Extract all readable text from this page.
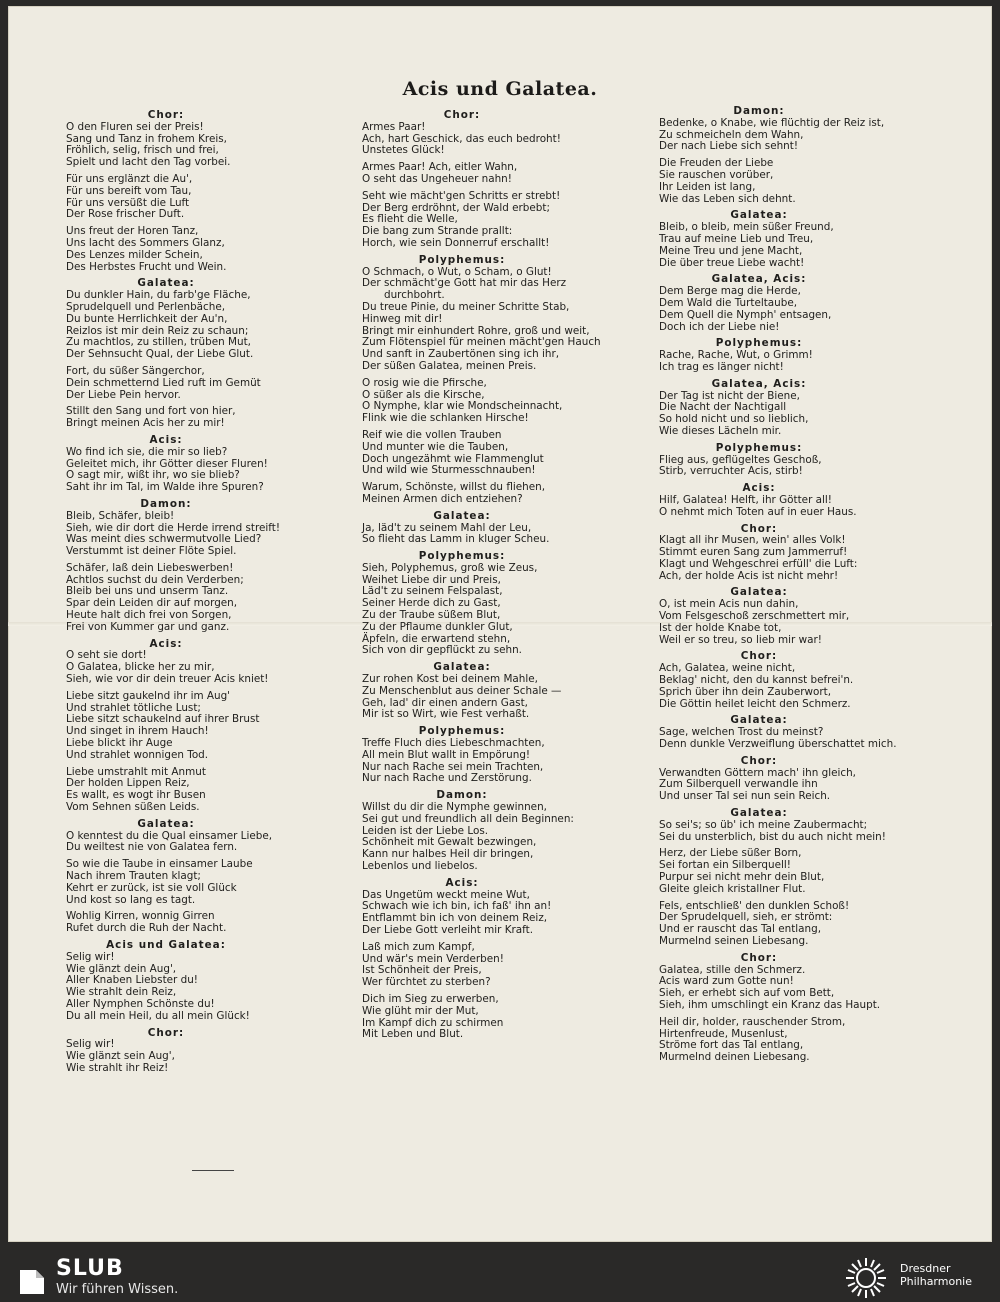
Acis und Galatea.
Chor:
O den Fluren sei der Preis!
Sang und Tanz in frohem Kreis,
Fröhlich, selig, frisch und frei,
Spielt und lacht den Tag vorbei.
Für uns erglänzt die Au',
Für uns bereift vom Tau,
Für uns versüßt die Luft
Der Rose frischer Duft.
Uns freut der Horen Tanz,
Uns lacht des Sommers Glanz,
Des Lenzes milder Schein,
Des Herbstes Frucht und Wein.
Galatea:
Du dunkler Hain, du farb'ge Fläche,
Sprudelquell und Perlenbäche,
Du bunte Herrlichkeit der Au'n,
Reizlos ist mir dein Reiz zu schaun;
Zu machtlos, zu stillen, trüben Mut,
Der Sehnsucht Qual, der Liebe Glut.
Fort, du süßer Sängerchor,
Dein schmetternd Lied ruft im Gemüt
Der Liebe Pein hervor.
Stillt den Sang und fort von hier,
Bringt meinen Acis her zu mir!
Acis:
Wo find ich sie, die mir so lieb?
Geleitet mich, ihr Götter dieser Fluren!
O sagt mir, wißt ihr, wo sie blieb?
Saht ihr im Tal, im Walde ihre Spuren?
Damon:
Bleib, Schäfer, bleib!
Sieh, wie dir dort die Herde irrend streift!
Was meint dies schwermutvolle Lied?
Verstummt ist deiner Flöte Spiel.
Schäfer, laß dein Liebeswerben!
Achtlos suchst du dein Verderben;
Bleib bei uns und unserm Tanz.
Spar dein Leiden dir auf morgen,
Heute halt dich frei von Sorgen,
Frei von Kummer gar und ganz.
Acis:
O seht sie dort!
O Galatea, blicke her zu mir,
Sieh, wie vor dir dein treuer Acis kniet!
Liebe sitzt gaukelnd ihr im Aug'
Und strahlet tötliche Lust;
Liebe sitzt schaukelnd auf ihrer Brust
Und singet in ihrem Hauch!
Liebe blickt ihr Auge
Und strahlet wonnigen Tod.
Liebe umstrahlt mit Anmut
Der holden Lippen Reiz,
Es wallt, es wogt ihr Busen
Vom Sehnen süßen Leids.
Galatea:
O kenntest du die Qual einsamer Liebe,
Du weiltest nie von Galatea fern.
So wie die Taube in einsamer Laube
Nach ihrem Trauten klagt;
Kehrt er zurück, ist sie voll Glück
Und kost so lang es tagt.
Wohlig Kirren, wonnig Girren
Rufet durch die Ruh der Nacht.
Acis und Galatea:
Selig wir!
Wie glänzt dein Aug',
Aller Knaben Liebster du!
Wie strahlt dein Reiz,
Aller Nymphen Schönste du!
Du all mein Heil, du all mein Glück!
Chor:
Selig wir!
Wie glänzt sein Aug',
Wie strahlt ihr Reiz!
Chor:
Armes Paar!
Ach, hart Geschick, das euch bedroht!
Unstetes Glück!
Armes Paar! Ach, eitler Wahn,
O seht das Ungeheuer nahn!
Seht wie mächt'gen Schritts er strebt!
Der Berg erdröhnt, der Wald erbebt;
Es flieht die Welle,
Die bang zum Strande prallt:
Horch, wie sein Donnerruf erschallt!
Polyphemus:
O Schmach, o Wut, o Scham, o Glut!
Der schmächt'ge Gott hat mir das Herz
durchbohrt.
Du treue Pinie, du meiner Schritte Stab,
Hinweg mit dir!
Bringt mir einhundert Rohre, groß und weit,
Zum Flötenspiel für meinen mächt'gen Hauch
Und sanft in Zaubertönen sing ich ihr,
Der süßen Galatea, meinen Preis.
O rosig wie die Pfirsche,
O süßer als die Kirsche,
O Nymphe, klar wie Mondscheinnacht,
Flink wie die schlanken Hirsche!
Reif wie die vollen Trauben
Und munter wie die Tauben,
Doch ungezähmt wie Flammenglut
Und wild wie Sturmesschnauben!
Warum, Schönste, willst du fliehen,
Meinen Armen dich entziehen?
Galatea:
Ja, läd't zu seinem Mahl der Leu,
So flieht das Lamm in kluger Scheu.
Polyphemus:
Sieh, Polyphemus, groß wie Zeus,
Weihet Liebe dir und Preis,
Läd't zu seinem Felspalast,
Seiner Herde dich zu Gast,
Zu der Traube süßem Blut,
Zu der Pflaume dunkler Glut,
Äpfeln, die erwartend stehn,
Sich von dir gepflückt zu sehn.
Galatea:
Zur rohen Kost bei deinem Mahle,
Zu Menschenblut aus deiner Schale —
Geh, lad' dir einen andern Gast,
Mir ist so Wirt, wie Fest verhaßt.
Polyphemus:
Treffe Fluch dies Liebeschmachten,
All mein Blut wallt in Empörung!
Nur nach Rache sei mein Trachten,
Nur nach Rache und Zerstörung.
Damon:
Willst du dir die Nymphe gewinnen,
Sei gut und freundlich all dein Beginnen:
Leiden ist der Liebe Los.
Schönheit mit Gewalt bezwingen,
Kann nur halbes Heil dir bringen,
Lebenlos und liebelos.
Acis:
Das Ungetüm weckt meine Wut,
Schwach wie ich bin, ich faß' ihn an!
Entflammt bin ich von deinem Reiz,
Der Liebe Gott verleiht mir Kraft.
Laß mich zum Kampf,
Und wär's mein Verderben!
Ist Schönheit der Preis,
Wer fürchtet zu sterben?
Dich im Sieg zu erwerben,
Wie glüht mir der Mut,
Im Kampf dich zu schirmen
Mit Leben und Blut.
Damon:
Bedenke, o Knabe, wie flüchtig der Reiz ist,
Zu schmeicheln dem Wahn,
Der nach Liebe sich sehnt!
Die Freuden der Liebe
Sie rauschen vorüber,
Ihr Leiden ist lang,
Wie das Leben sich dehnt.
Galatea:
Bleib, o bleib, mein süßer Freund,
Trau auf meine Lieb und Treu,
Meine Treu und jene Macht,
Die über treue Liebe wacht!
Galatea, Acis:
Dem Berge mag die Herde,
Dem Wald die Turteltaube,
Dem Quell die Nymph' entsagen,
Doch ich der Liebe nie!
Polyphemus:
Rache, Rache, Wut, o Grimm!
Ich trag es länger nicht!
Galatea, Acis:
Der Tag ist nicht der Biene,
Die Nacht der Nachtigall
So hold nicht und so lieblich,
Wie dieses Lächeln mir.
Polyphemus:
Flieg aus, geflügeltes Geschoß,
Stirb, verruchter Acis, stirb!
Acis:
Hilf, Galatea! Helft, ihr Götter all!
O nehmt mich Toten auf in euer Haus.
Chor:
Klagt all ihr Musen, wein' alles Volk!
Stimmt euren Sang zum Jammerruf!
Klagt und Wehgeschrei erfüll' die Luft:
Ach, der holde Acis ist nicht mehr!
Galatea:
O, ist mein Acis nun dahin,
Vom Felsgeschoß zerschmettert mir,
Ist der holde Knabe tot,
Weil er so treu, so lieb mir war!
Chor:
Ach, Galatea, weine nicht,
Beklag' nicht, den du kannst befrei'n.
Sprich über ihn dein Zauberwort,
Die Göttin heilet leicht den Schmerz.
Galatea:
Sage, welchen Trost du meinst?
Denn dunkle Verzweiflung überschattet mich.
Chor:
Verwandten Göttern mach' ihn gleich,
Zum Silberquell verwandle ihn
Und unser Tal sei nun sein Reich.
Galatea:
So sei's; so üb' ich meine Zaubermacht;
Sei du unsterblich, bist du auch nicht mein!
Herz, der Liebe süßer Born,
Sei fortan ein Silberquell!
Purpur sei nicht mehr dein Blut,
Gleite gleich kristallner Flut.
Fels, entschließ' den dunklen Schoß!
Der Sprudelquell, sieh, er strömt:
Und er rauscht das Tal entlang,
Murmelnd seinen Liebesang.
Chor:
Galatea, stille den Schmerz.
Acis ward zum Gotte nun!
Sieh, er erhebt sich auf vom Bett,
Sieh, ihm umschlingt ein Kranz das Haupt.
Heil dir, holder, rauschender Strom,
Hirtenfreude, Musenlust,
Ströme fort das Tal entlang,
Murmelnd deinen Liebesang.
SLUB
Wir führen Wissen.
Dresdner
Philharmonie
